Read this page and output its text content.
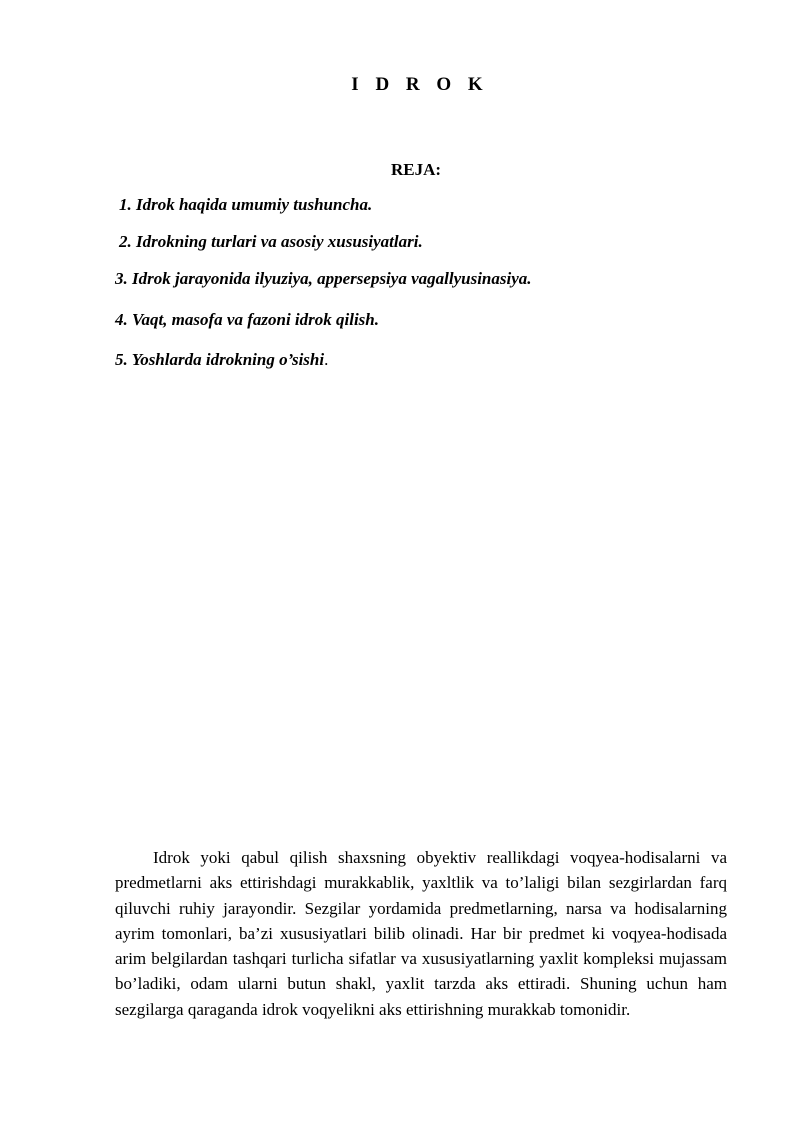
I D R O K
REJA:
1. Idrok haqida umumiy tushuncha.
2. Idrokning turlari va asosiy xususiyatlari.
3. Idrok jarayonida ilyuziya, appersepsiya vagallyusinasiya.
4. Vaqt, masofa va fazoni idrok qilish.
5. Yoshlarda idrokning o’sishi.

Idrok yoki qabul qilish shaxsning obyektiv reallikdagi voqyea-hodisalarni va predmetlarni aks ettirishdagi murakkablik, yaxltlik va to’laligi bilan sezgirlardan farq qiluvchi ruhiy jarayondir. Sezgilar yordamida predmetlarning, narsa va hodisalarning ayrim tomonlari, ba’zi xususiyatlari bilib olinadi. Har bir predmet ki voqyea-hodisada arim belgilardan tashqari turlicha sifatlar va xususiyatlarning yaxlit kompleksi mujassam bo’ladiki, odam ularni butun shakl, yaxlit tarzda aks ettiradi. Shuning uchun ham sezgilarga qaraganda idrok voqyelikni aks ettirishning murakkab tomonidir.
